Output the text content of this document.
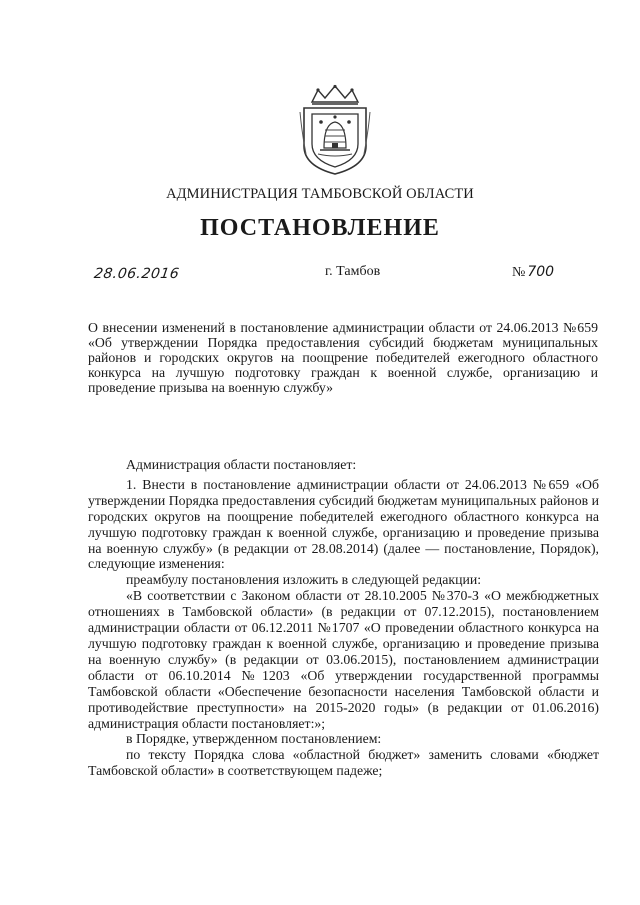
АДМИНИСТРАЦИЯ ТАМБОВСКОЙ ОБЛАСТИ
ПОСТАНОВЛЕНИЕ
28.06.2016	г. Тамбов	№ 700
О внесении изменений в постановление администрации области от 24.06.2013 №659 «Об утверждении Порядка предоставления субсидий бюджетам муниципальных районов и городских округов на поощрение победителей ежегодного областного конкурса на лучшую подготовку граждан к военной службе, организацию и проведение призыва на военную службу»

Администрация области постановляет:

1. Внести в постановление администрации области от 24.06.2013 №659 «Об утверждении Порядка предоставления субсидий бюджетам муниципальных районов и городских округов на поощрение победителей ежегодного областного конкурса на лучшую подготовку граждан к военной службе, организацию и проведение призыва на военную службу» (в редакции от 28.08.2014) (далее — постановление, Порядок), следующие изменения:

преамбулу постановления изложить в следующей редакции:

«В соответствии с Законом области от 28.10.2005 №370-З «О межбюджетных отношениях в Тамбовской области» (в редакции от 07.12.2015), постановлением администрации области от 06.12.2011 №1707 «О проведении областного конкурса на лучшую подготовку граждан к военной службе, организацию и проведение призыва на военную службу» (в редакции от 03.06.2015), постановлением администрации области от 06.10.2014 №1203 «Об утверждении государственной программы Тамбовской области «Обеспечение безопасности населения Тамбовской области и противодействие преступности» на 2015-2020 годы» (в редакции от 01.06.2016) администрация области постановляет:»;

в Порядке, утвержденном постановлением:

по тексту Порядка слова «областной бюджет» заменить словами «бюджет Тамбовской области» в соответствующем падеже;
